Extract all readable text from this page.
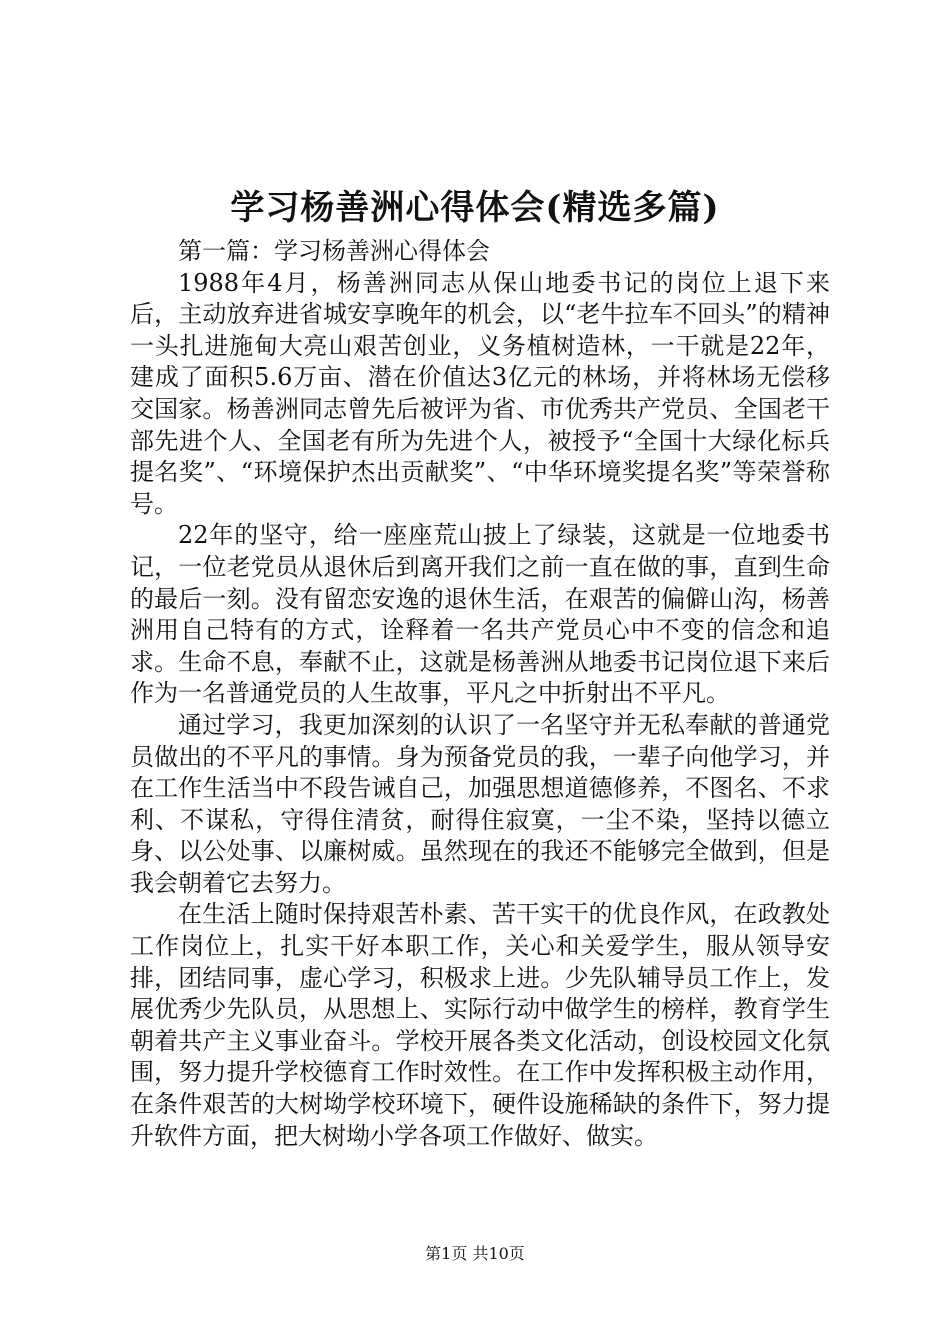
学习杨善洲心得体会(精选多篇)

第一篇：学习杨善洲心得体会

1988年4月，杨善洲同志从保山地委书记的岗位上退下来后，主动放弃进省城安享晚年的机会，以“老牛拉车不回头”的精神一头扎进施甸大亮山艰苦创业，义务植树造林，一干就是22年，建成了面积5.6万亩、潜在价值达3亿元的林场，并将林场无偿移交国家。杨善洲同志曾先后被评为省、市优秀共产党员、全国老干部先进个人、全国老有所为先进个人，被授予“全国十大绿化标兵提名奖”、“环境保护杰出贡献奖”、“中华环境奖提名奖”等荣誉称号。

22年的坚守，给一座座荒山披上了绿装，这就是一位地委书记，一位老党员从退休后到离开我们之前一直在做的事，直到生命的最后一刻。没有留恋安逸的退休生活，在艰苦的偏僻山沟，杨善洲用自己特有的方式，诠释着一名共产党员心中不变的信念和追求。生命不息，奉献不止，这就是杨善洲从地委书记岗位退下来后作为一名普通党员的人生故事，平凡之中折射出不平凡。

通过学习，我更加深刻的认识了一名坚守并无私奉献的普通党员做出的不平凡的事情。身为预备党员的我，一辈子向他学习，并在工作生活当中不段告诫自己，加强思想道德修养，不图名、不求利、不谋私，守得住清贫，耐得住寂寞，一尘不染，坚持以德立身、以公处事、以廉树威。虽然现在的我还不能够完全做到，但是我会朝着它去努力。

在生活上随时保持艰苦朴素、苦干实干的优良作风，在政教处工作岗位上，扎实干好本职工作，关心和关爱学生，服从领导安排，团结同事，虚心学习，积极求上进。少先队辅导员工作上，发展优秀少先队员，从思想上、实际行动中做学生的榜样，教育学生朝着共产主义事业奋斗。学校开展各类文化活动，创设校园文化氛围，努力提升学校德育工作时效性。在工作中发挥积极主动作用，在条件艰苦的大树坳学校环境下，硬件设施稀缺的条件下，努力提升软件方面，把大树坳小学各项工作做好、做实。

第1页 共10页
